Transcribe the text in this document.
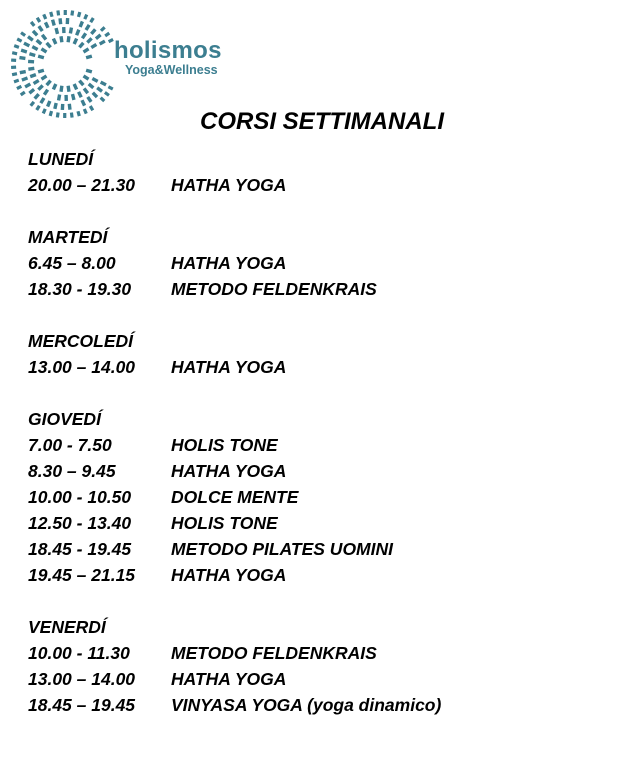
holismos
Yoga&Wellness
CORSI SETTIMANALI
LUNEDÍ
20.00 – 21.30 HATHA YOGA
MARTEDÍ
6.45 – 8.00	HATHA YOGA
18.30 - 19.30 METODO FELDENKRAIS
MERCOLEDÍ
13.00 – 14.00 HATHA YOGA
GIOVEDÍ
7.00 - 7.50	HOLIS TONE
8.30 – 9.45	HATHA YOGA
10.00 - 10.50 DOLCE MENTE
12.50 - 13.40 HOLIS TONE
18.45 - 19.45 METODO PILATES UOMINI
19.45 – 21.15 HATHA YOGA
VENERDÍ
10.00 - 11.30 METODO FELDENKRAIS
13.00 – 14.00 HATHA YOGA
18.45 – 19.45 VINYASA YOGA (yoga dinamico)
